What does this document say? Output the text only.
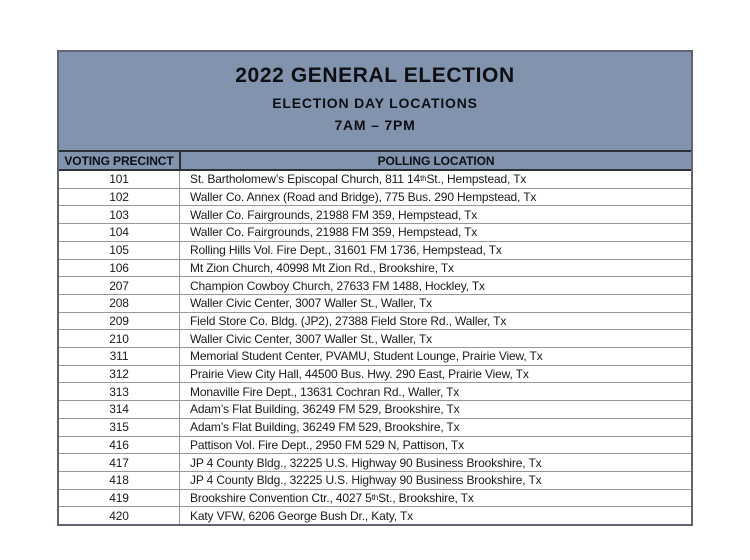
2022 GENERAL ELECTION
ELECTION DAY LOCATIONS
7AM – 7PM
VOTING PRECINCT	POLLING LOCATION
101	St. Bartholomew’s Episcopal Church, 811 14 th St., Hempstead, Tx
102	Waller Co. Annex (Road and Bridge), 775 Bus. 290 Hempstead, Tx
103	Waller Co. Fairgrounds, 21988 FM 359, Hempstead, Tx
104	Waller Co. Fairgrounds, 21988 FM 359, Hempstead, Tx
105	Rolling Hills Vol. Fire Dept., 31601 FM 1736, Hempstead, Tx
106	Mt Zion Church, 40998 Mt Zion Rd., Brookshire, Tx
207	Champion Cowboy Church, 27633 FM 1488, Hockley, Tx
208	Waller Civic Center, 3007 Waller St., Waller, Tx
209	Field Store Co. Bldg. (JP2), 27388 Field Store Rd., Waller, Tx
210	Waller Civic Center, 3007 Waller St., Waller, Tx
311	Memorial Student Center, PVAMU, Student Lounge, Prairie View, Tx
312	Prairie View City Hall, 44500 Bus. Hwy. 290 East, Prairie View, Tx
313	Monaville Fire Dept., 13631 Cochran Rd., Waller, Tx
314	Adam’s Flat Building, 36249 FM 529, Brookshire, Tx
315	Adam’s Flat Building, 36249 FM 529, Brookshire, Tx
416	Pattison Vol. Fire Dept., 2950 FM 529 N, Pattison, Tx
417	JP 4 County Bldg., 32225 U.S. Highway 90 Business Brookshire, Tx
418	JP 4 County Bldg., 32225 U.S. Highway 90 Business Brookshire, Tx
419	Brookshire Convention Ctr., 4027 5 th St., Brookshire, Tx
420	Katy VFW, 6206 George Bush Dr., Katy, Tx
